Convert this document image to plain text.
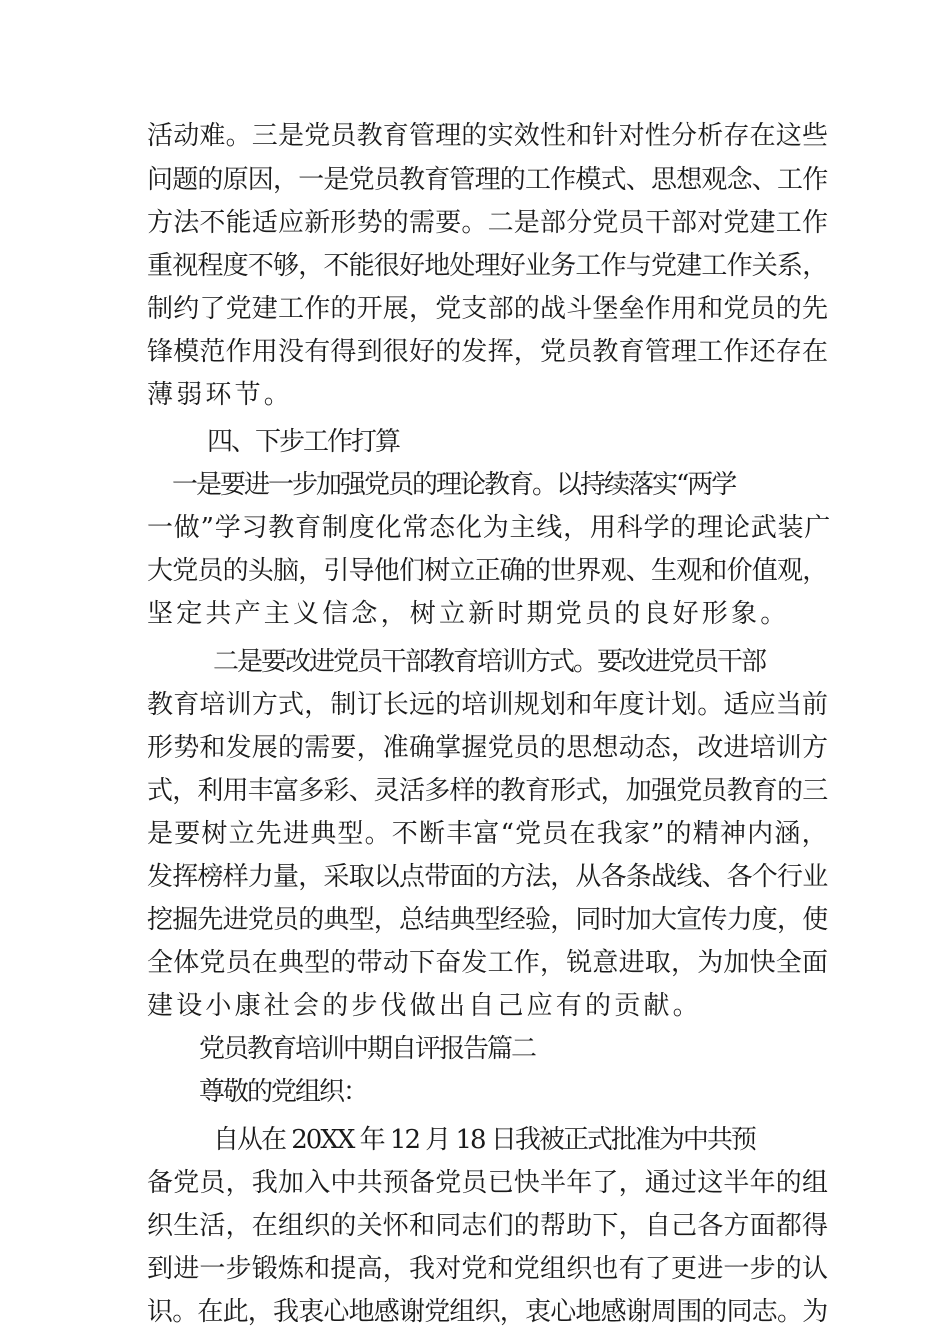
活动难。三是党员教育管理的实效性和针对性分析存在这些
问题的原因，一是党员教育管理的工作模式、思想观念、工作
方法不能适应新形势的需要。二是部分党员干部对党建工作
重视程度不够，不能很好地处理好业务工作与党建工作关系，
制约了党建工作的开展，党支部的战斗堡垒作用和党员的先
锋模范作用没有得到很好的发挥，党员教育管理工作还存在
薄弱环节。
四、下步工作打算
一是要进一步加强党员的理论教育。以持续落实“两学
一做”学习教育制度化常态化为主线，用科学的理论武装广
大党员的头脑，引导他们树立正确的世界观、生观和价值观，
坚定共产主义信念，树立新时期党员的良好形象。
二是要改进党员干部教育培训方式。要改进党员干部
教育培训方式，制订长远的培训规划和年度计划。适应当前
形势和发展的需要，准确掌握党员的思想动态，改进培训方
式，利用丰富多彩、灵活多样的教育形式，加强党员教育的三
是要树立先进典型。不断丰富“党员在我家”的精神内涵，
发挥榜样力量，采取以点带面的方法，从各条战线、各个行业
挖掘先进党员的典型，总结典型经验，同时加大宣传力度，使
全体党员在典型的带动下奋发工作，锐意进取，为加快全面
建设小康社会的步伐做出自己应有的贡献。
党员教育培训中期自评报告篇二
尊敬的党组织：
自从在 20XX 年 12 月 18 日我被正式批准为中共预
备党员，我加入中共预备党员已快半年了，通过这半年的组
织生活，在组织的关怀和同志们的帮助下，自己各方面都得
到进一步锻炼和提高，我对党和党组织也有了更进一步的认
识。在此，我衷心地感谢党组织，衷心地感谢周围的同志。为
